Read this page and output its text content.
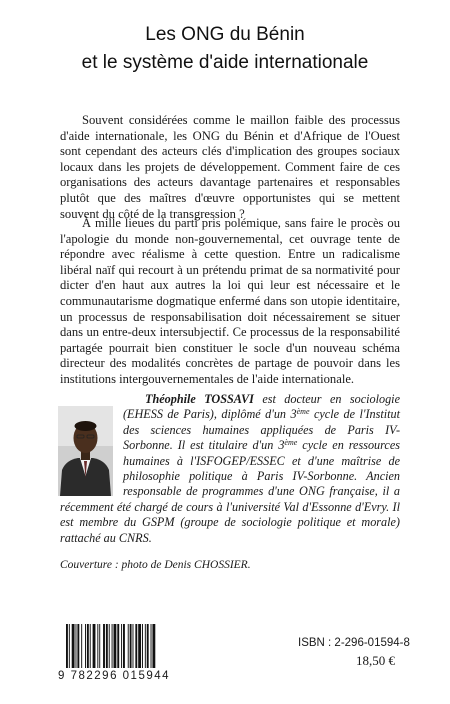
Les ONG du Bénin
et le système d'aide internationale

Souvent considérées comme le maillon faible des processus d'aide internationale, les ONG du Bénin et d'Afrique de l'Ouest sont cependant des acteurs clés d'implication des groupes sociaux locaux dans les projets de développement. Comment faire de ces organisations des acteurs davantage partenaires et responsables plutôt que des maîtres d'œuvre opportunistes qui se mettent souvent du côté de la transgression ?

À mille lieues du parti pris polémique, sans faire le procès ou l'apologie du monde non-gouvernemental, cet ouvrage tente de répondre avec réalisme à cette question. Entre un radicalisme libéral naïf qui recourt à un prétendu primat de sa normativité pour dicter d'en haut aux autres la loi qui leur est nécessaire et le communautarisme dogmatique enfermé dans son utopie identitaire, un processus de responsabilisation doit nécessairement se situer dans un entre-deux intersubjectif. Ce processus de la responsabilité partagée pourrait bien constituer le socle d'un nouveau schéma directeur des modalités concrètes de partage de pouvoir dans les institutions intergouvernementales de l'aide internationale.

Théophile TOSSAVI est docteur en sociologie (EHESS de Paris), diplômé d'un 3ème cycle de l'Institut des sciences humaines appliquées de Paris IV-Sorbonne. Il est titulaire d'un 3ème cycle en ressources humaines à l'ISFOGEP/ESSEC et d'une maîtrise de philosophie politique à Paris IV-Sorbonne. Ancien responsable de programmes d'une ONG française, il a récemment été chargé de cours à l'université Val d'Essonne d'Evry. Il est membre du GSPM (groupe de sociologie politique et morale) rattaché au CNRS.
Couverture : photo de Denis CHOSSIER.
9 782296 015944
ISBN : 2-296-01594-8
18,50 €
